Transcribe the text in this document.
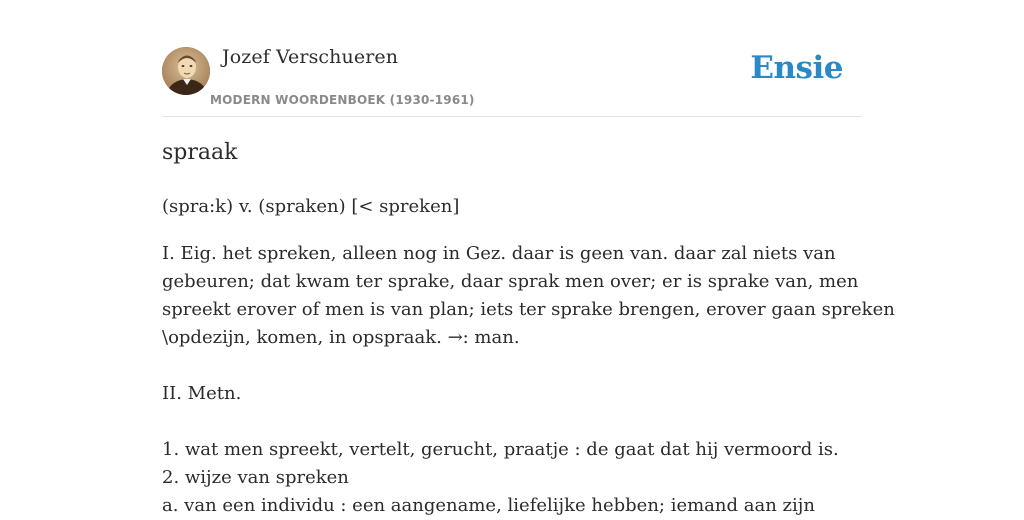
Jozef Verschueren
MODERN WOORDENBOEK (1930-1961)
Ensie
spraak

(spra:k) v. (spraken) [< spreken]

I. Eig. het spreken, alleen nog in Gez. daar is geen van. daar zal niets van
gebeuren; dat kwam ter sprake, daar sprak men over; er is sprake van, men
spreekt erover of men is van plan; iets ter sprake brengen, erover gaan spreken
\opdezijn, komen, in opspraak. →: man.
II. Metn.
1. wat men spreekt, vertelt, gerucht, praatje : de gaat dat hij vermoord is.
2. wijze van spreken
a. van een individu : een aangename, liefelijke hebben; iemand aan zijn
